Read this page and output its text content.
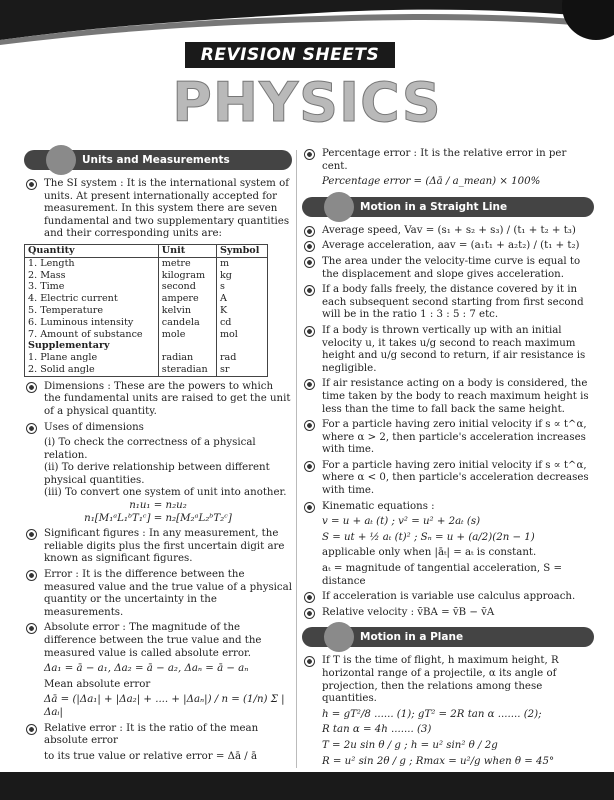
REVISION SHEETS
PHYSICS
Units and Measurements
The SI system : It is the international system of units. At present internationally accepted for measurement. In this system there are seven fundamental and two supplementary quantities and their corresponding units are:
Quantity	Unit	Symbol
1. Length	metre	m
2. Mass	kilogram	kg
3. Time	second	s
4. Electric current	ampere	A
5. Temperature	kelvin	K
6. Luminous intensity	candela	cd
7. Amount of substance	mole	mol
Supplementary		
1. Plane angle	radian	rad
2. Solid angle	steradian	sr
Dimensions : These are the powers to which the fundamental units are raised to get the unit of a physical quantity.
Uses of dimensions
(i) To check the correctness of a physical relation.
(ii) To derive relationship between different physical quantities.
(iii) To convert one system of unit into another.
n₁u₁ = n₂u₂
n₁[M₁ᵃL₁ᵇT₁ᶜ] = n₂[M₂ᵃL₂ᵇT₂ᶜ]
Significant figures : In any measurement, the reliable digits plus the first uncertain digit are known as significant figures.
Error : It is the difference between the measured value and the true value of a physical quantity or the uncertainty in the measurements.
Absolute error : The magnitude of the difference between the true value and the measured value is called absolute error.
Δa₁ = ā − a₁, Δa₂ = ā − a₂, Δaₙ = ā − aₙ
Mean absolute error
Δā = (|Δa₁| + |Δa₂| + .... + |Δaₙ|) / n = (1/n) Σ |Δaᵢ|
Relative error : It is the ratio of the mean absolute error
to its true value or relative error = Δā / ā
Percentage error : It is the relative error in per cent.
Percentage error = (Δā / a_mean) × 100%
Motion in a Straight Line
Average speed, Vav = (s₁ + s₂ + s₃) / (t₁ + t₂ + t₃)
Average acceleration, aav = (a₁t₁ + a₂t₂) / (t₁ + t₂)
The area under the velocity-time curve is equal to the displacement and slope gives acceleration.
If a body falls freely, the distance covered by it in each subsequent second starting from first second will be in the ratio 1 : 3 : 5 : 7 etc.
If a body is thrown vertically up with an initial velocity u, it takes u/g second to reach maximum height and u/g second to return, if air resistance is negligible.
If air resistance acting on a body is considered, the time taken by the body to reach maximum height is less than the time to fall back the same height.
For a particle having zero initial velocity if s ∝ t^α, where α > 2, then particle's acceleration increases with time.
For a particle having zero initial velocity if s ∝ t^α, where α < 0, then particle's acceleration decreases with time.
Kinematic equations :
v = u + aₜ (t) ; v² = u² + 2aₜ (s)
S = ut + ½ aₜ (t)² ; Sₙ = u + (a/2)(2n − 1)
applicable only when |āₜ| = aₜ is constant.
aₜ = magnitude of tangential acceleration, S = distance
If acceleration is variable use calculus approach.
Relative velocity : v̄BA = v̄B − v̄A
Motion in a Plane
If T is the time of flight, h maximum height, R horizontal range of a projectile, α its angle of projection, then the relations among these quantities.
h = gT²/8 ...... (1); gT² = 2R tan α ....... (2);
R tan α = 4h ....... (3)
T = 2u sin θ / g ; h = u² sin² θ / 2g
R = u² sin 2θ / g ; Rmax = u²/g when θ = 45°
